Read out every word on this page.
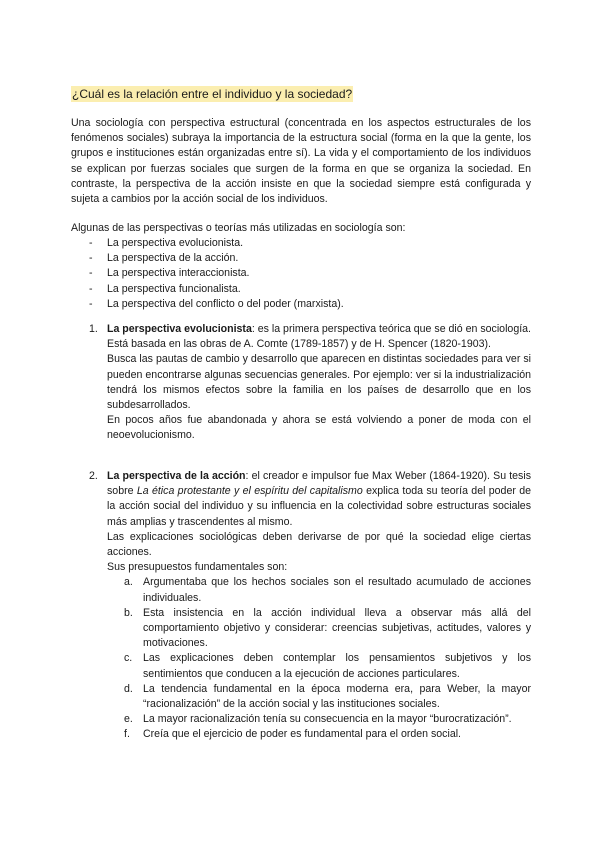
¿Cuál es la relación entre el individuo y la sociedad?
Una sociología con perspectiva estructural (concentrada en los aspectos estructurales de los fenómenos sociales) subraya la importancia de la estructura social (forma en la que la gente, los grupos e instituciones están organizadas entre sí). La vida y el comportamiento de los individuos se explican por fuerzas sociales que surgen de la forma en que se organiza la sociedad. En contraste, la perspectiva de la acción insiste en que la sociedad siempre está configurada y sujeta a cambios por la acción social de los individuos.
Algunas de las perspectivas o teorías más utilizadas en sociología son:
- La perspectiva evolucionista.
- La perspectiva de la acción.
- La perspectiva interaccionista.
- La perspectiva funcionalista.
- La perspectiva del conflicto o del poder (marxista).
1. La perspectiva evolucionista: es la primera perspectiva teórica que se dió en sociología. Está basada en las obras de A. Comte (1789-1857) y de H. Spencer (1820-1903).

Busca las pautas de cambio y desarrollo que aparecen en distintas sociedades para ver si pueden encontrarse algunas secuencias generales. Por ejemplo: ver si la industrialización tendrá los mismos efectos sobre la familia en los países de desarrollo que en los subdesarrollados.

En pocos años fue abandonada y ahora se está volviendo a poner de moda con el neoevolucionismo.

2. La perspectiva de la acción: el creador e impulsor fue Max Weber (1864-1920). Su tesis sobre La ética protestante y el espíritu del capitalismo explica toda su teoría del poder de la acción social del individuo y su influencia en la colectividad sobre estructuras sociales más amplias y trascendentes al mismo.

Las explicaciones sociológicas deben derivarse de por qué la sociedad elige ciertas acciones.

Sus presupuestos fundamentales son:

a. Argumentaba que los hechos sociales son el resultado acumulado de acciones individuales.
b. Esta insistencia en la acción individual lleva a observar más allá del comportamiento objetivo y considerar: creencias subjetivas, actitudes, valores y motivaciones.
c. Las explicaciones deben contemplar los pensamientos subjetivos y los sentimientos que conducen a la ejecución de acciones particulares.
d. La tendencia fundamental en la época moderna era, para Weber, la mayor “racionalización” de la acción social y las instituciones sociales.
e. La mayor racionalización tenía su consecuencia en la mayor “burocratización”.
f. Creía que el ejercicio de poder es fundamental para el orden social.
